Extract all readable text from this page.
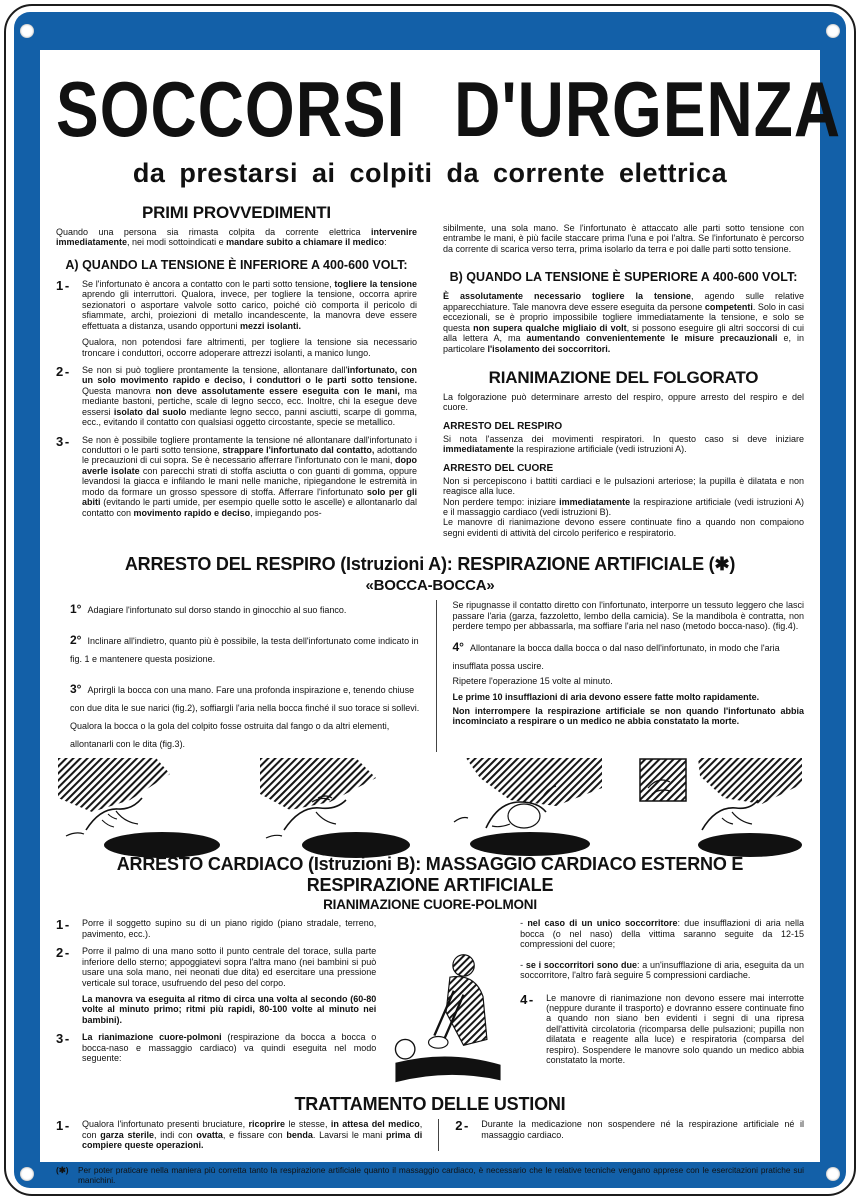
SOCCORSI D'URGENZA
da prestarsi ai colpiti da corrente elettrica
PRIMI PROVVEDIMENTI

Quando una persona sia rimasta colpita da corrente elettrica intervenire immediatamente, nei modi sottoindicati e mandare subito a chiamare il medico:

A) QUANDO LA TENSIONE È INFERIORE A 400-600 VOLT:
1 -	Se l'infortunato è ancora a contatto con le parti sotto tensione, togliere la tensione aprendo gli interruttori. Qualora, invece, per togliere la tensione, occorra aprire sezionatori o asportare valvole sotto carico, poiché ciò comporta il pericolo di sfiammate, archi, proiezioni di metallo incandescente, la manovra deve essere effettuata a distanza, usando opportuni mezzi isolanti.

Qualora, non potendosi fare altrimenti, per togliere la tensione sia necessario troncare i conduttori, occorre adoperare attrezzi isolanti, a manico lungo.

2 -	Se non si può togliere prontamente la tensione, allontanare dall'infortunato, con un solo movimento rapido e deciso, i conduttori o le parti sotto tensione. Questa manovra non deve assolutamente essere eseguita con le mani, ma mediante bastoni, pertiche, scale di legno secco, ecc. Inoltre, chi la esegue deve essersi isolato dal suolo mediante legno secco, panni asciutti, scarpe di gomma, ecc., evitando il contatto con qualsiasi oggetto circostante, specie se metallico.

3 -	Se non è possibile togliere prontamente la tensione né allontanare dall'infortunato i conduttori o le parti sotto tensione, strappare l'infortunato dal contatto, adottando le precauzioni di cui sopra. Se è necessario afferrare l'infortunato con le mani, dopo averle isolate con parecchi strati di stoffa asciutta o con guanti di gomma, oppure levandosi la giacca e infilando le mani nelle maniche, ripiegandone le estremità in modo da formare un grosso spessore di stoffa. Afferrare l'infortunato solo per gli abiti (evitando le parti umide, per esempio quelle sotto le ascelle) e allontanarlo dal contatto con movimento rapido e deciso, impiegando pos-

sibilmente, una sola mano. Se l'infortunato è attaccato alle parti sotto tensione con entrambe le mani, è più facile staccare prima l'una e poi l'altra. Se l'infortunato è percorso da corrente di scarica verso terra, prima isolarlo da terra e poi dalle parti sotto tensione.

B) QUANDO LA TENSIONE È SUPERIORE A 400-600 VOLT:

È assolutamente necessario togliere la tensione, agendo sulle relative apparecchiature. Tale manovra deve essere eseguita da persone competenti. Solo in casi eccezionali, se è proprio impossibile togliere immediatamente la tensione, e solo se questa non supera qualche migliaio di volt, si possono eseguire gli altri soccorsi di cui alla lettera A, ma aumentando convenientemente le misure precauzionali e, in particolare l'isolamento dei soccorritori.

RIANIMAZIONE DEL FOLGORATO

La folgorazione può determinare arresto del respiro, oppure arresto del respiro e del cuore.

ARRESTO DEL RESPIRO

Si nota l'assenza dei movimenti respiratori. In questo caso si deve iniziare immediatamente la respirazione artificiale (vedi istruzioni A).

ARRESTO DEL CUORE

Non si percepiscono i battiti cardiaci e le pulsazioni arteriose; la pupilla è dilatata e non reagisce alla luce.

Non perdere tempo: iniziare immediatamente la respirazione artificiale (vedi istruzioni A) e il massaggio cardiaco (vedi istruzioni B).

Le manovre di rianimazione devono essere continuate fino a quando non compaiono segni evidenti di attività del circolo periferico e respiratorio.

ARRESTO DEL RESPIRO (Istruzioni A): RESPIRAZIONE ARTIFICIALE (✱)
«BOCCA-BOCCA»

1° Adagiare l'infortunato sul dorso stando in ginocchio al suo fianco.

2° Inclinare all'indietro, quanto più è possibile, la testa dell'infortunato come indicato in fig. 1 e mantenere questa posizione.

3° Aprirgli la bocca con una mano. Fare una profonda inspirazione e, tenendo chiuse con due dita le sue narici (fig.2), soffiargli l'aria nella bocca finché il suo torace si sollevi. Qualora la bocca o la gola del colpito fosse ostruita dal fango o da altri elementi, allontanarli con le dita (fig.3).

Se ripugnasse il contatto diretto con l'infortunato, interporre un tessuto leggero che lasci passare l'aria (garza, fazzoletto, lembo della camicia). Se la mandibola è contratta, non perdere tempo per abbassarla, ma soffiare l'aria nel naso (metodo bocca-naso). (fig.4).

4° Allontanare la bocca dalla bocca o dal naso dell'infortunato, in modo che l'aria insufflata possa uscire.

Ripetere l'operazione 15 volte al minuto.

Le prime 10 insufflazioni di aria devono essere fatte molto rapidamente.

Non interrompere la respirazione artificiale se non quando l'infortunato abbia incominciato a respirare o un medico ne abbia constatato la morte.

ARRESTO CARDIACO (Istruzioni B): MASSAGGIO CARDIACO ESTERNO E RESPIRAZIONE ARTIFICIALE
RIANIMAZIONE CUORE-POLMONI
1 -	Porre il soggetto supino su di un piano rigido (piano stradale, terreno, pavimento, ecc.).

2 -	Porre il palmo di una mano sotto il punto centrale del torace, sulla parte inferiore dello sterno; appoggiatevi sopra l'altra mano (nei bambini si può usare una sola mano, nei neonati due dita) ed esercitare una pressione verticale sul torace, usufruendo del peso del corpo.

La manovra va eseguita al ritmo di circa una volta al secondo (60-80 volte al minuto primo; ritmi più rapidi, 80-100 volte al minuto nei bambini).

3 -	La rianimazione cuore-polmoni (respirazione da bocca a bocca o bocca-naso e massaggio cardiaco) va quindi eseguita nel modo seguente:

- nel caso di un unico soccorritore: due insufflazioni di aria nella bocca (o nel naso) della vittima saranno seguite da 12-15 compressioni del cuore;

- se i soccorritori sono due: a un'insufflazione di aria, eseguita da un soccorritore, l'altro farà seguire 5 compressioni cardiache.

4 -	Le manovre di rianimazione non devono essere mai interrotte (neppure durante il trasporto) e dovranno essere continuate fino a quando non siano ben evidenti i segni di una ripresa dell'attività circolatoria (ricomparsa delle pulsazioni; pupilla non dilatata e reagente alla luce) e respiratoria (comparsa del respiro). Sospendere le manovre solo quando un medico abbia constatato la morte.

TRATTAMENTO DELLE USTIONI
1 -	Qualora l'infortunato presenti bruciature, ricoprire le stesse, in attesa del medico, con garza sterile, indi con ovatta, e fissare con benda. Lavarsi le mani prima di compiere queste operazioni.

2 -	Durante la medicazione non sospendere né la respirazione artificiale né il massaggio cardiaco.

(✱)	Per poter praticare nella maniera più corretta tanto la respirazione artificiale quanto il massaggio cardiaco, è necessario che le relative tecniche vengano apprese con le esercitazioni pratiche sui manichini.
